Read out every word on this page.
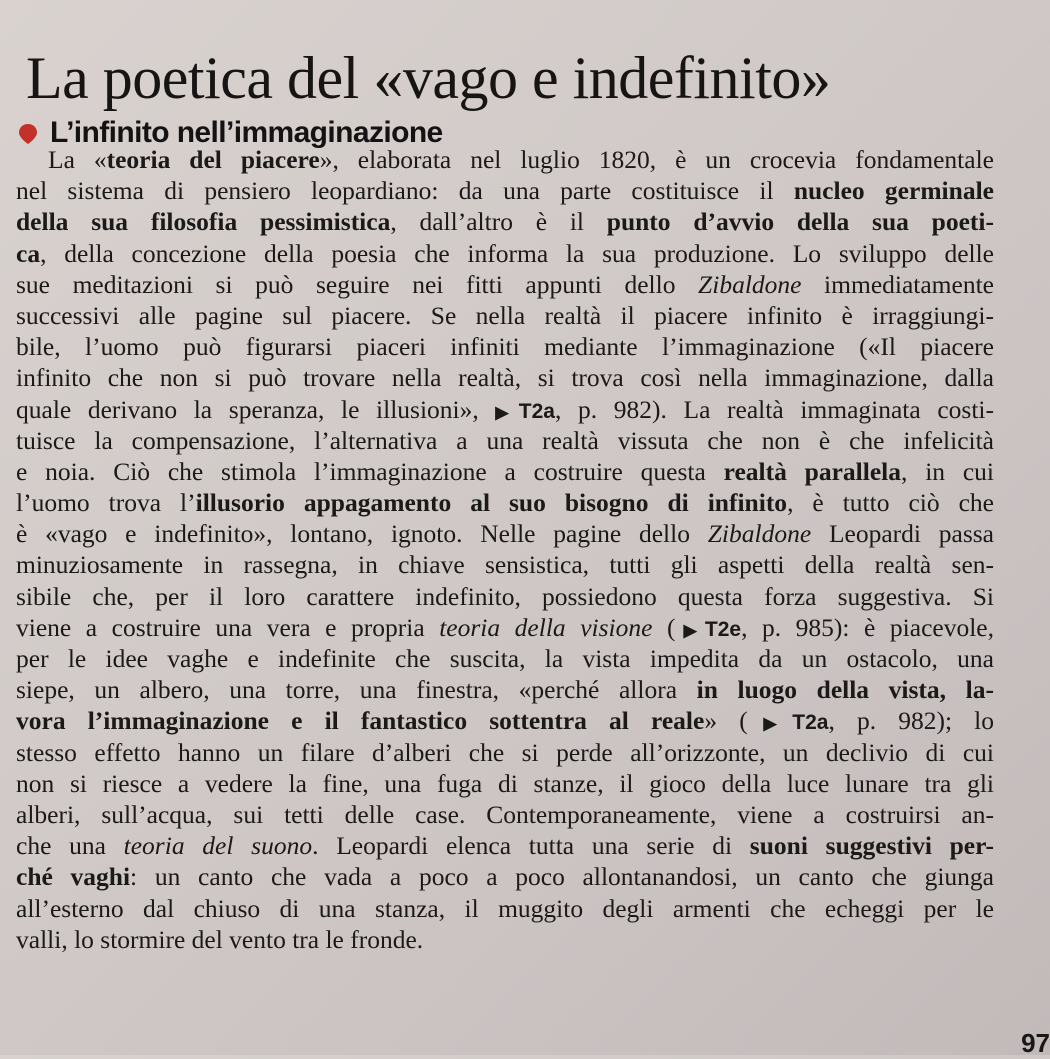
La poetica del «vago e indefinito»
L’infinito nell’immaginazione
La «teoria del piacere», elaborata nel luglio 1820, è un crocevia fondamentale
nel sistema di pensiero leopardiano: da una parte costituisce il nucleo germinale
della sua filosofia pessimistica, dall’altro è il punto d’avvio della sua poeti-
ca, della concezione della poesia che informa la sua produzione. Lo sviluppo delle
sue meditazioni si può seguire nei fitti appunti dello Zibaldone immediatamente
successivi alle pagine sul piacere. Se nella realtà il piacere infinito è irraggiungi-
bile, l’uomo può figurarsi piaceri infiniti mediante l’immaginazione («Il piacere
infinito che non si può trovare nella realtà, si trova così nella immaginazione, dalla
quale derivano la speranza, le illusioni», ▶T2a, p. 982). La realtà immaginata costi-
tuisce la compensazione, l’alternativa a una realtà vissuta che non è che infelicità
e noia. Ciò che stimola l’immaginazione a costruire questa realtà parallela, in cui
l’uomo trova l’illusorio appagamento al suo bisogno di infinito, è tutto ciò che
è «vago e indefinito», lontano, ignoto. Nelle pagine dello Zibaldone Leopardi passa
minuziosamente in rassegna, in chiave sensistica, tutti gli aspetti della realtà sen-
sibile che, per il loro carattere indefinito, possiedono questa forza suggestiva. Si
viene a costruire una vera e propria teoria della visione (▶T2e, p. 985): è piacevole,
per le idee vaghe e indefinite che suscita, la vista impedita da un ostacolo, una
siepe, un albero, una torre, una finestra, «perché allora in luogo della vista, la-
vora l’immaginazione e il fantastico sottentra al reale» (▶T2a, p. 982); lo
stesso effetto hanno un filare d’alberi che si perde all’orizzonte, un declivio di cui
non si riesce a vedere la fine, una fuga di stanze, il gioco della luce lunare tra gli
alberi, sull’acqua, sui tetti delle case. Contemporaneamente, viene a costruirsi an-
che una teoria del suono. Leopardi elenca tutta una serie di suoni suggestivi per-
ché vaghi: un canto che vada a poco a poco allontanandosi, un canto che giunga
all’esterno dal chiuso di una stanza, il muggito degli armenti che echeggi per le
valli, lo stormire del vento tra le fronde.
97
